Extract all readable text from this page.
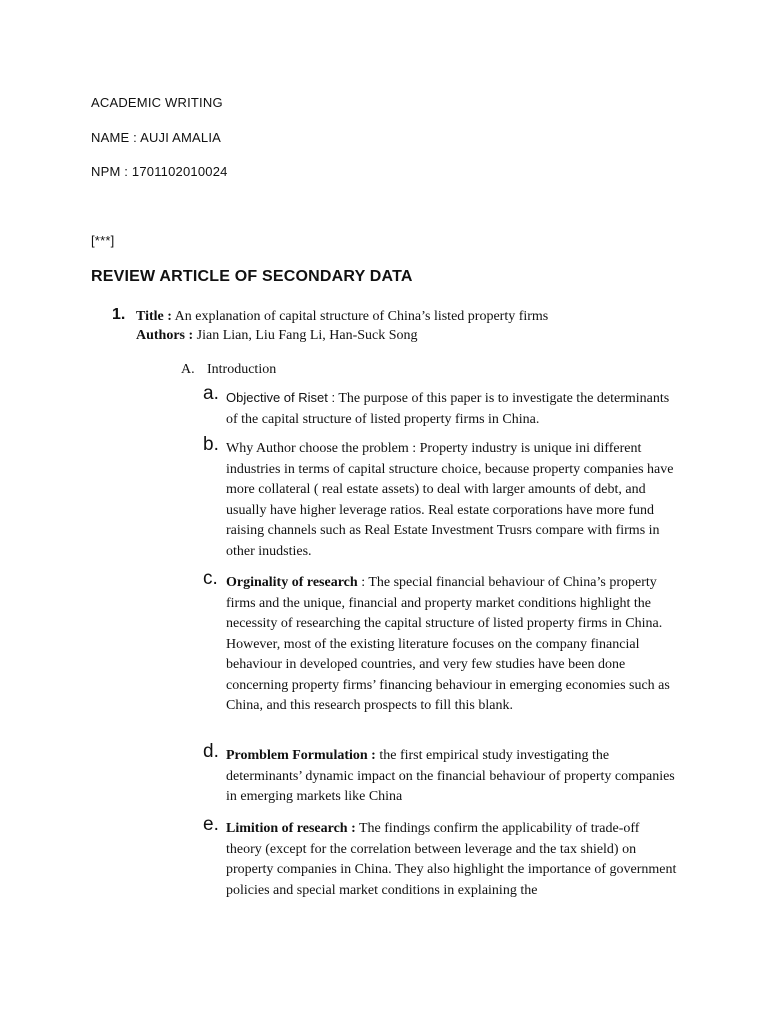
ACADEMIC WRITING
NAME : AUJI AMALIA
NPM : 1701102010024
[***]
REVIEW ARTICLE OF SECONDARY DATA
1. Title : An explanation of capital structure of China’s listed property firms
Authors : Jian Lian, Liu Fang Li, Han-Suck Song
A. Introduction
a. Objective of Riset : The purpose of this paper is to investigate the determinants of the capital structure of listed property firms in China.
b. Why Author choose the problem : Property industry is unique ini different industries in terms of capital structure choice, because property companies have more collateral ( real estate assets) to deal with larger amounts of debt, and usually have higher leverage ratios. Real estate corporations have more fund raising channels such as Real Estate Investment Trusrs compare with firms in other inudsties.
c. Orginality of research : The special financial behaviour of China’s property firms and the unique, financial and property market conditions highlight the necessity of researching the capital structure of listed property firms in China. However, most of the existing literature focuses on the company financial behaviour in developed countries, and very few studies have been done concerning property firms’ financing behaviour in emerging economies such as China, and this research prospects to fill this blank.
d. Promblem Formulation : the first empirical study investigating the determinants’ dynamic impact on the financial behaviour of property companies in emerging markets like China
e. Limition of research : The findings confirm the applicability of trade-off theory (except for the correlation between leverage and the tax shield) on property companies in China. They also highlight the importance of government policies and special market conditions in explaining the
